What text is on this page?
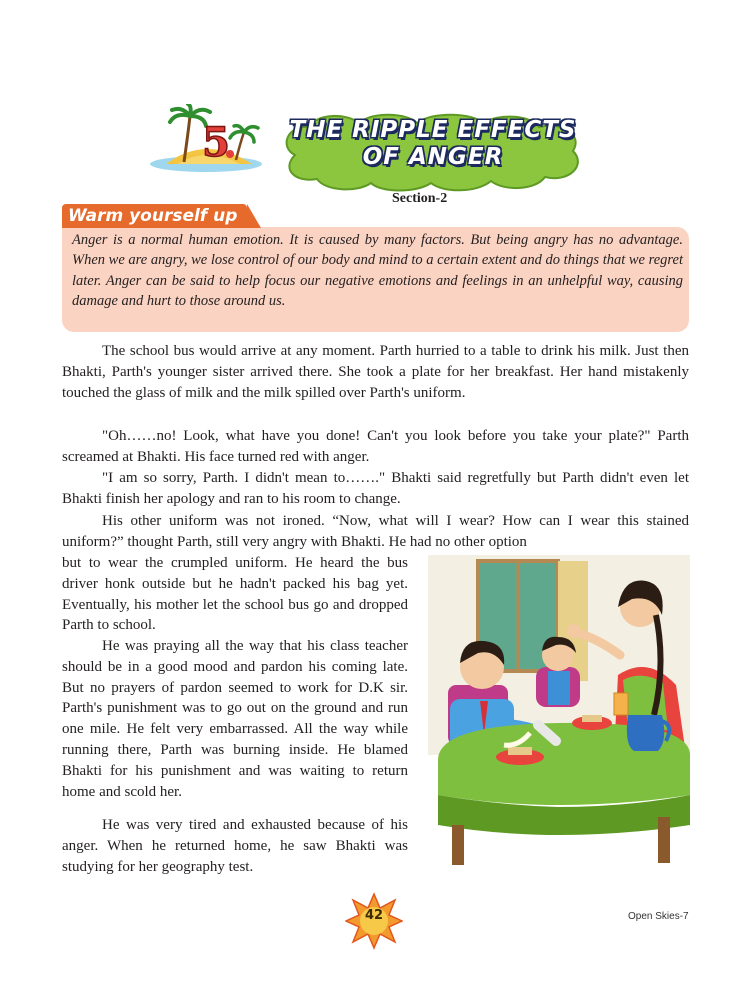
5	THE RIPPLE EFFECTS
OF ANGER
Section-2
Warm yourself up

Anger is a normal human emotion. It is caused by many factors. But being angry has no advantage. When we are angry, we lose control of our body and mind to a certain extent and do things that we regret later. Anger can be said to help focus our negative emotions and feelings in an unhelpful way, causing damage and hurt to those around us.

The school bus would arrive at any moment. Parth hurried to a table to drink his milk. Just then Bhakti, Parth's younger sister arrived there. She took a plate for her breakfast. Her hand mistakenly touched the glass of milk and the milk spilled over Parth's uniform.

"Oh……no! Look, what have you done! Can't you look before you take your plate?" Parth screamed at Bhakti. His face turned red with anger.

"I am so sorry, Parth. I didn't mean to……." Bhakti said regretfully but Parth didn't even let Bhakti finish her apology and ran to his room to change.

His other uniform was not ironed. “Now, what will I wear? How can I wear this stained uniform?” thought Parth, still very angry with Bhakti. He had no other option

but to wear the crumpled uniform. He heard the bus driver honk outside but he hadn't packed his bag yet. Eventually, his mother let the school bus go and dropped Parth to school.

He was praying all the way that his class teacher should be in a good mood and pardon his coming late. But no prayers of pardon seemed to work for D.K sir. Parth's punishment was to go out on the ground and run one mile. He felt very embarrassed. All the way while running there, Parth was burning inside. He blamed Bhakti for his punishment and was waiting to return home and scold her.

He was very tired and exhausted because of his anger. When he returned home, he saw Bhakti was studying for her geography test.

42	Open Skies-7
